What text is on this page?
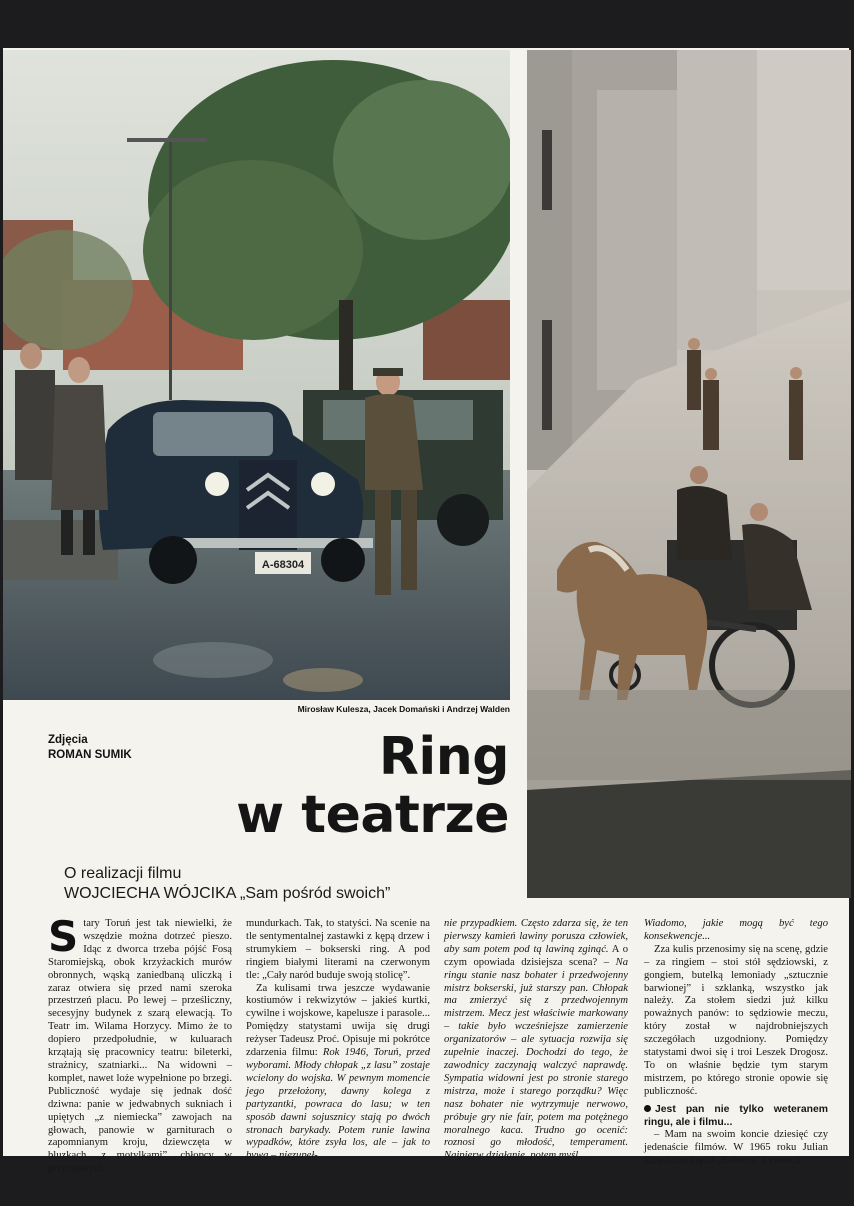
A-68304
Mirosław Kulesza, Jacek Domański i Andrzej Walden
Zdjęcia
ROMAN SUMIK	Ring
w teatrze
O realizacji filmu
WOJCIECHA WÓJCIKA „Sam pośród swoich”
S tary Toruń jest tak niewielki, że wszędzie można dotrzeć pieszo. Idąc z dworca trzeba pójść Fosą Staromiejską, obok krzyżackich murów obronnych, wąską zaniedbaną uliczką i zaraz otwiera się przed nami szeroka przestrzeń placu. Po lewej – prześliczny, secesyjny budynek z szarą elewacją. To Teatr im. Wilama Horzycy. Mimo że to dopiero przedpołudnie, w kuluarach krzątają się pracownicy teatru: bileterki, strażnicy, szatniarki... Na widowni – komplet, nawet loże wypełnione po brzegi. Publiczność wydaje się jednak dość dziwna: panie w jedwabnych sukniach i upiętych „z niemiecka” zawojach na głowach, panowie w garniturach o zapomnianym kroju, dziewczęta w bluzkach „z motylkami”, chłopcy w przyciasnych

mundurkach. Tak, to statyści. Na scenie na tle sentymentalnej zastawki z kępą drzew i strumykiem – bokserski ring. A pod ringiem białymi literami na czerwonym tle: „Cały naród buduje swoją stolicę”.

Za kulisami trwa jeszcze wydawanie kostiumów i rekwizytów – jakieś kurtki, cywilne i wojskowe, kapelusze i parasole... Pomiędzy statystami uwija się drugi reżyser Tadeusz Proć. Opisuje mi pokrótce zdarzenia filmu: Rok 1946, Toruń, przed wyborami. Młody chłopak „z lasu” zostaje wcielony do wojska. W pewnym momencie jego przełożony, dawny kolega z partyzantki, powraca do lasu; w ten sposób dawni sojusznicy stają po dwóch stronach barykady. Potem runie lawina wypadków, które zsyła los, ale – jak to bywa – niezupeł-

nie przypadkiem. Często zdarza się, że ten pierwszy kamień lawiny porusza człowiek, aby sam potem pod tą lawiną zginąć. A o czym opowiada dzisiejsza scena? – Na ringu stanie nasz bohater i przedwojenny mistrz bokserski, już starszy pan. Chłopak ma zmierzyć się z przedwojennym mistrzem. Mecz jest właściwie markowany – takie było wcześniejsze zamierzenie organizatorów – ale sytuacja rozwija się zupełnie inaczej. Dochodzi do tego, że zawodnicy zaczynają walczyć naprawdę. Sympatia widowni jest po stronie starego mistrza, może i starego porządku? Więc nasz bohater nie wytrzymuje nerwowo, próbuje gry nie fair, potem ma potężnego moralnego kaca. Trudno go ocenić: roznosi go młodość, temperament. Najpierw działanie, potem myśl...

Wiadomo, jakie mogą być tego konsekwencje...

Zza kulis przenosimy się na scenę, gdzie – za ringiem – stoi stół sędziowski, z gongiem, butelką lemoniady „sztucznie barwionej” i szklanką, wszystko jak należy. Za stołem siedzi już kilku poważnych panów: to sędziowie meczu, który został w najdrobniejszych szczegółach uzgodniony. Pomiędzy statystami dwoi się i troi Leszek Drogosz. To on właśnie będzie tym starym mistrzem, po którego stronie opowie się publiczność.

Jest pan nie tylko weteranem ringu, ale i filmu...

– Mam na swoim koncie dziesięć czy jedenaście filmów. W 1965 roku Julian Dziedzina kręcił „Boksera” i zwrócił
